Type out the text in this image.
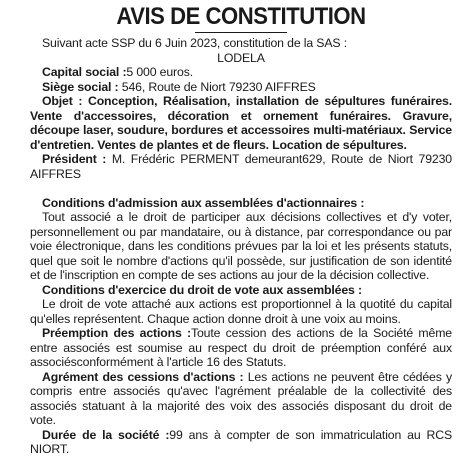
AVIS DE CONSTITUTION

Suivant acte SSP du 6 Juin 2023, constitution de la SAS :

LODELA

Capital social :5 000 euros.

Siège social : 546, Route de Niort 79230 AIFFRES

Objet : Conception, Réalisation, installation de sépultures funéraires. Vente d'accessoires, décoration et ornement funéraires. Gravure, découpe laser, soudure, bordures et accessoires multi-matériaux. Service d'entretien. Ventes de plantes et de fleurs. Location de sépultures.

Président : M. Frédéric PERMENT demeurant629, Route de Niort 79230 AIFFRES

Conditions d'admission aux assemblées d'actionnaires :

Tout associé a le droit de participer aux décisions collectives et d'y voter, personnellement ou par mandataire, ou à distance, par correspondance ou par voie électronique, dans les conditions prévues par la loi et les présents statuts, quel que soit le nombre d'actions qu'il possède, sur justification de son identité et de l'inscription en compte de ses actions au jour de la décision collective.

Conditions d'exercice du droit de vote aux assemblées :

Le droit de vote attaché aux actions est proportionnel à la quotité du capital qu'elles représentent. Chaque action donne droit à une voix au moins.

Préemption des actions :Toute cession des actions de la Société même entre associés est soumise au respect du droit de préemption conféré aux associésconformément à l'article 16 des Statuts.

Agrément des cessions d'actions : Les actions ne peuvent être cédées y compris entre associés qu'avec l'agrément préalable de la collectivité des associés statuant à la majorité des voix des associés disposant du droit de vote.

Durée de la société :99 ans à compter de son immatriculation au RCS NIORT.
